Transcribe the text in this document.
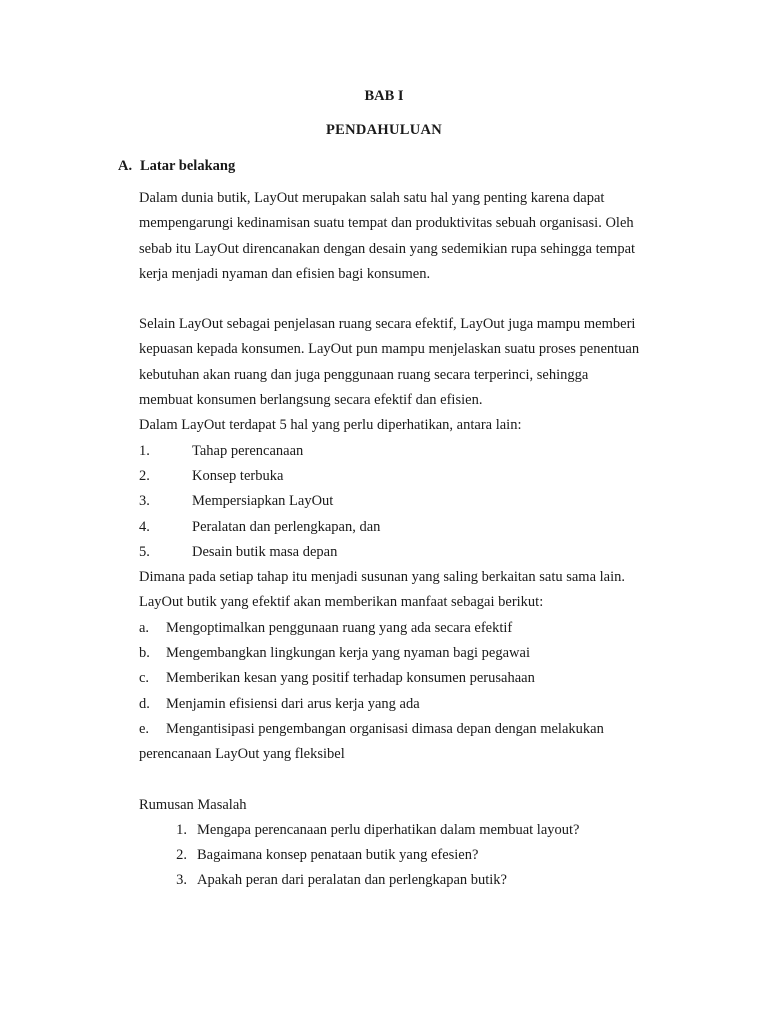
BAB I
PENDAHULUAN
A. Latar belakang

Dalam dunia butik, LayOut merupakan salah satu hal yang penting karena dapat

mempengarungi kedinamisan suatu tempat dan produktivitas sebuah organisasi. Oleh

sebab itu LayOut direncanakan dengan desain yang sedemikian rupa sehingga tempat

kerja menjadi nyaman dan efisien bagi konsumen.

Selain LayOut sebagai penjelasan ruang secara efektif, LayOut juga mampu memberi

kepuasan kepada konsumen. LayOut pun mampu menjelaskan suatu proses penentuan

kebutuhan akan ruang dan juga penggunaan ruang secara terperinci, sehingga

membuat konsumen berlangsung secara efektif dan efisien.

Dalam LayOut terdapat 5 hal yang perlu diperhatikan, antara lain:

1.	Tahap perencanaan
2.	Konsep terbuka
3.	Mempersiapkan LayOut
4.	Peralatan dan perlengkapan, dan
5.	Desain butik masa depan

Dimana pada setiap tahap itu menjadi susunan yang saling berkaitan satu sama lain.

LayOut butik yang efektif akan memberikan manfaat sebagai berikut:

a.	Mengoptimalkan penggunaan ruang yang ada secara efektif
b.	Mengembangkan lingkungan kerja yang nyaman bagi pegawai
c.	Memberikan kesan yang positif terhadap konsumen perusahaan
d.	Menjamin efisiensi dari arus kerja yang ada
e.	Mengantisipasi pengembangan organisasi dimasa depan dengan melakukan

perencanaan LayOut yang fleksibel

Rumusan Masalah

1. Mengapa perencanaan perlu diperhatikan dalam membuat layout?
2. Bagaimana konsep penataan butik yang efesien?
3. Apakah peran dari peralatan dan perlengkapan butik?
